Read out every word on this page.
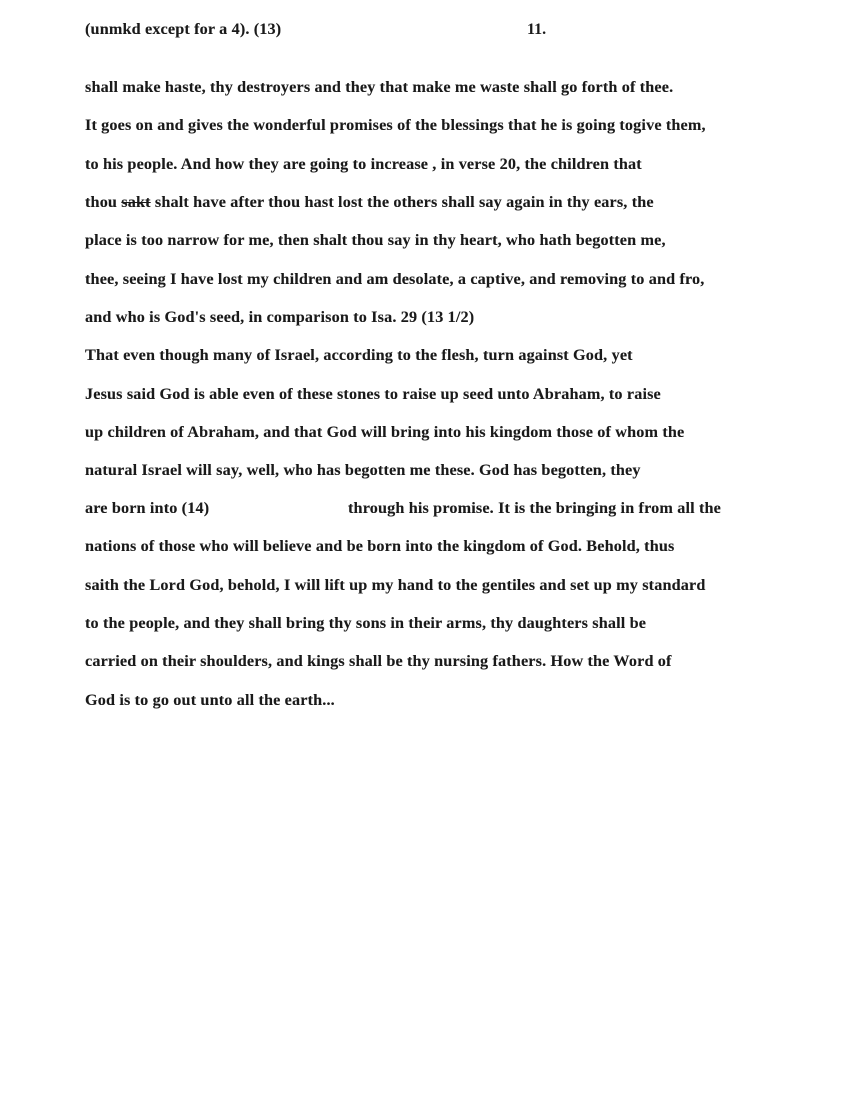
(unmkd except for a 4). (13)	11.
shall make haste, thy destroyers and they that make me waste shall go forth of thee.
It goes on and gives the wonderful promises of the blessings that he is going togive them,
to his people. And how they are going to increase , in verse 20, the children that
thou sakt shalt have after thou hast lost the others shall say again in thy ears, the
place is too narrow for me, then shalt thou say in thy heart, who hath begotten me,
thee, seeing I have lost my children and am desolate, a captive, and removing to and fro,
and who is God's seed, in comparison to Isa. 29 (13 1/2)
That even though many of Israel, according to the flesh, turn against God, yet
Jesus said God is able even of these stones to raise up seed unto Abraham, to raise
up children of Abraham, and that God will bring into his kingdom those of whom the
natural Israel will say, well, who has begotten me these. God has begotten, they
are born into (14)	through his promise. It is the bringing in from all the
nations of those who will believe and be born into the kingdom of God. Behold, thus
saith the Lord God, behold, I will lift up my hand to the gentiles and set up my standard
to the people, and they shall bring thy sons in their arms, thy daughters shall be
carried on their shoulders, and kings shall be thy nursing fathers. How the Word of
God is to go out unto all the earth...
